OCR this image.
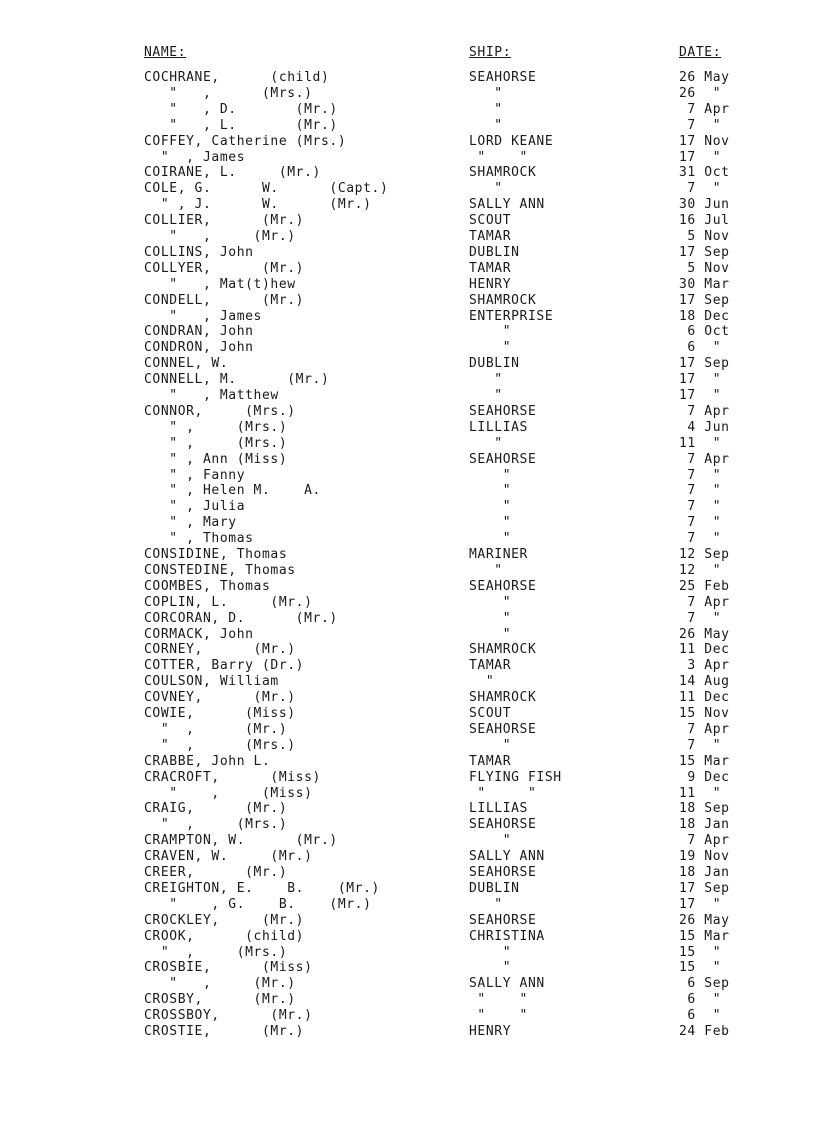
NAME:	SHIP:	DATE:
COCHRANE,      (child)	SEAHORSE	26 May
"   ,      (Mrs.)	"	26  "
"   , D.       (Mr.)	"	7 Apr
"   , L.       (Mr.)	"	7  "
COFFEY, Catherine (Mrs.)	LORD KEANE	17 Nov
"  , James	"    "	17  "
COIRANE, L.     (Mr.)	SHAMROCK	31 Oct
COLE, G.      W.      (Capt.)	"	7  "
" , J.      W.      (Mr.)	SALLY ANN	30 Jun
COLLIER,      (Mr.)	SCOUT	16 Jul
"   ,     (Mr.)	TAMAR	5 Nov
COLLINS, John	DUBLIN	17 Sep
COLLYER,      (Mr.)	TAMAR	5 Nov
"   , Mat(t)hew	HENRY	30 Mar
CONDELL,      (Mr.)	SHAMROCK	17 Sep
"   , James	ENTERPRISE	18 Dec
CONDRAN, John	"	6 Oct
CONDRON, John	"	6  "
CONNEL, W.	DUBLIN	17 Sep
CONNELL, M.      (Mr.)	"	17  "
"   , Matthew	"	17  "
CONNOR,     (Mrs.)	SEAHORSE	7 Apr
" ,     (Mrs.)	LILLIAS	4 Jun
" ,     (Mrs.)	"	11  "
" , Ann (Miss)	SEAHORSE	7 Apr
" , Fanny	"	7  "
" , Helen M.    A.	"	7  "
" , Julia	"	7  "
" , Mary	"	7  "
" , Thomas	"	7  "
CONSIDINE, Thomas	MARINER	12 Sep
CONSTEDINE, Thomas	"	12  "
COOMBES, Thomas	SEAHORSE	25 Feb
COPLIN, L.     (Mr.)	"	7 Apr
CORCORAN, D.      (Mr.)	"	7  "
CORMACK, John	"	26 May
CORNEY,      (Mr.)	SHAMROCK	11 Dec
COTTER, Barry (Dr.)	TAMAR	3 Apr
COULSON, William	"	14 Aug
COVNEY,      (Mr.)	SHAMROCK	11 Dec
COWIE,      (Miss)	SCOUT	15 Nov
"  ,      (Mr.)	SEAHORSE	7 Apr
"  ,      (Mrs.)	"	7  "
CRABBE, John L.	TAMAR	15 Mar
CRACROFT,      (Miss)	FLYING FISH	9 Dec
"    ,     (Miss)	"     "	11  "
CRAIG,      (Mr.)	LILLIAS	18 Sep
"  ,     (Mrs.)	SEAHORSE	18 Jan
CRAMPTON, W.      (Mr.)	"	7 Apr
CRAVEN, W.     (Mr.)	SALLY ANN	19 Nov
CREER,      (Mr.)	SEAHORSE	18 Jan
CREIGHTON, E.    B.    (Mr.)	DUBLIN	17 Sep
"    , G.    B.    (Mr.)	"	17  "
CROCKLEY,     (Mr.)	SEAHORSE	26 May
CROOK,      (child)	CHRISTINA	15 Mar
"  ,     (Mrs.)	"	15  "
CROSBIE,      (Miss)	"	15  "
"   ,     (Mr.)	SALLY ANN	6 Sep
CROSBY,      (Mr.)	"    "	6  "
CROSSBOY,      (Mr.)	"    "	6  "
CROSTIE,      (Mr.)	HENRY	24 Feb
